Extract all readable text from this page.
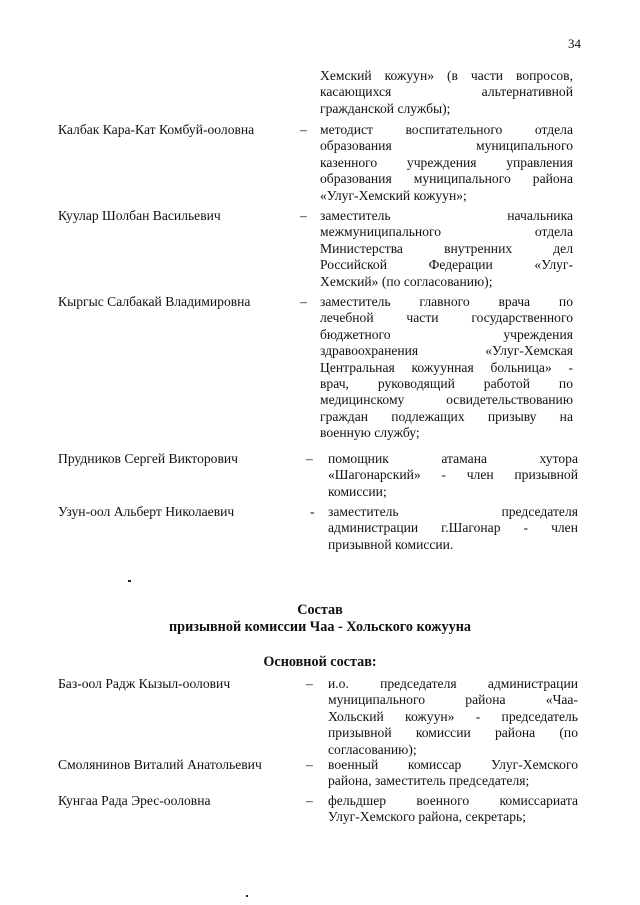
34
Хемский кожуун» (в части вопросов,
касающихся альтернативной
гражданской службы);
Калбак Кара-Кат Комбуй-ооловна	– методист воспитательного отдела
образования муниципального
казенного учреждения управления
образования муниципального района
«Улуг-Хемский кожуун»;
Куулар Шолбан Васильевич	– заместитель начальника
межмуниципального отдела
Министерства внутренних дел
Российской Федерации «Улуг-
Хемский» (по согласованию);
Кыргыс Салбакай Владимировна	– заместитель главного врача по
лечебной части государственного
бюджетного учреждения
здравоохранения «Улуг-Хемская
Центральная кожуунная больница» -
врач, руководящий работой по
медицинскому освидетельствованию
граждан подлежащих призыву на
военную службу;
Прудников Сергей Викторович	– помощник атамана хутора
«Шагонарский» - член призывной
комиссии;
Узун-оол Альберт Николаевич	- заместитель председателя
администрации г.Шагонар - член
призывной комиссии.
Состав
призывной комиссии Чаа - Хольского кожууна
Основной состав:
Баз-оол Радж Кызыл-оолович	– и.о. председателя администрации
муниципального района «Чаа-
Хольский кожуун» - председатель
призывной комиссии района (по
согласованию);
Смолянинов Виталий Анатольевич	– военный комиссар Улуг-Хемского
района, заместитель председателя;
Кунгаа Рада Эрес-ооловна	– фельдшер военного комиссариата
Улуг-Хемского района, секретарь;
